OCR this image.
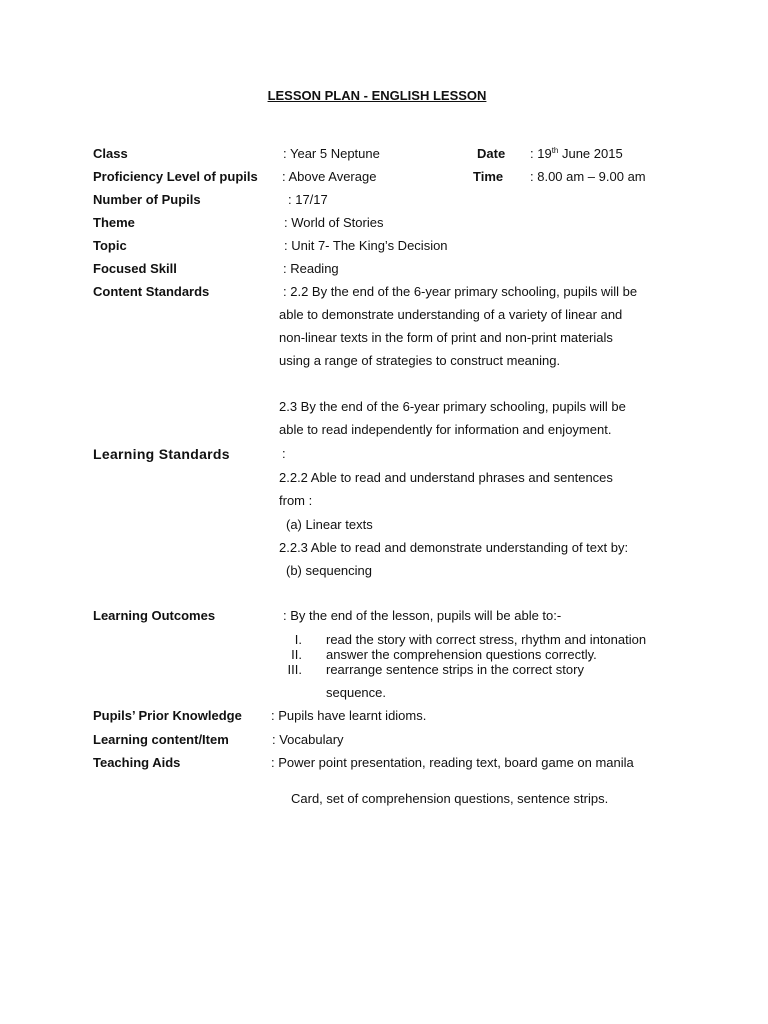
LESSON PLAN - ENGLISH LESSON
Class	: Year 5 Neptune	Date : 19th June 2015
Proficiency Level of pupils : Above Average	Time : 8.00 am – 9.00 am
Number of Pupils	: 17/17
Theme	: World of Stories
Topic	: Unit 7- The King’s Decision
Focused Skill	: Reading
Content Standards	: 2.2 By the end of the 6-year primary schooling, pupils will be
able to demonstrate understanding of a variety of linear and
non-linear texts in the form of print and non-print materials
using a range of strategies to construct meaning.
2.3 By the end of the 6-year primary schooling, pupils will be
able to read independently for information and enjoyment.
Learning Standards	:
2.2.2 Able to read and understand phrases and sentences
from :
(a) Linear texts
2.2.3 Able to read and demonstrate understanding of text by:
(b) sequencing
Learning Outcomes	: By the end of the lesson, pupils will be able to:-
I. read the story with correct stress, rhythm and intonation
II. answer the comprehension questions correctly.
III. rearrange sentence strips in the correct story
sequence.
Pupils’ Prior Knowledge : Pupils have learnt idioms.
Learning content/Item	: Vocabulary
Teaching Aids	: Power point presentation, reading text, board game on manila
Card, set of comprehension questions, sentence strips.
